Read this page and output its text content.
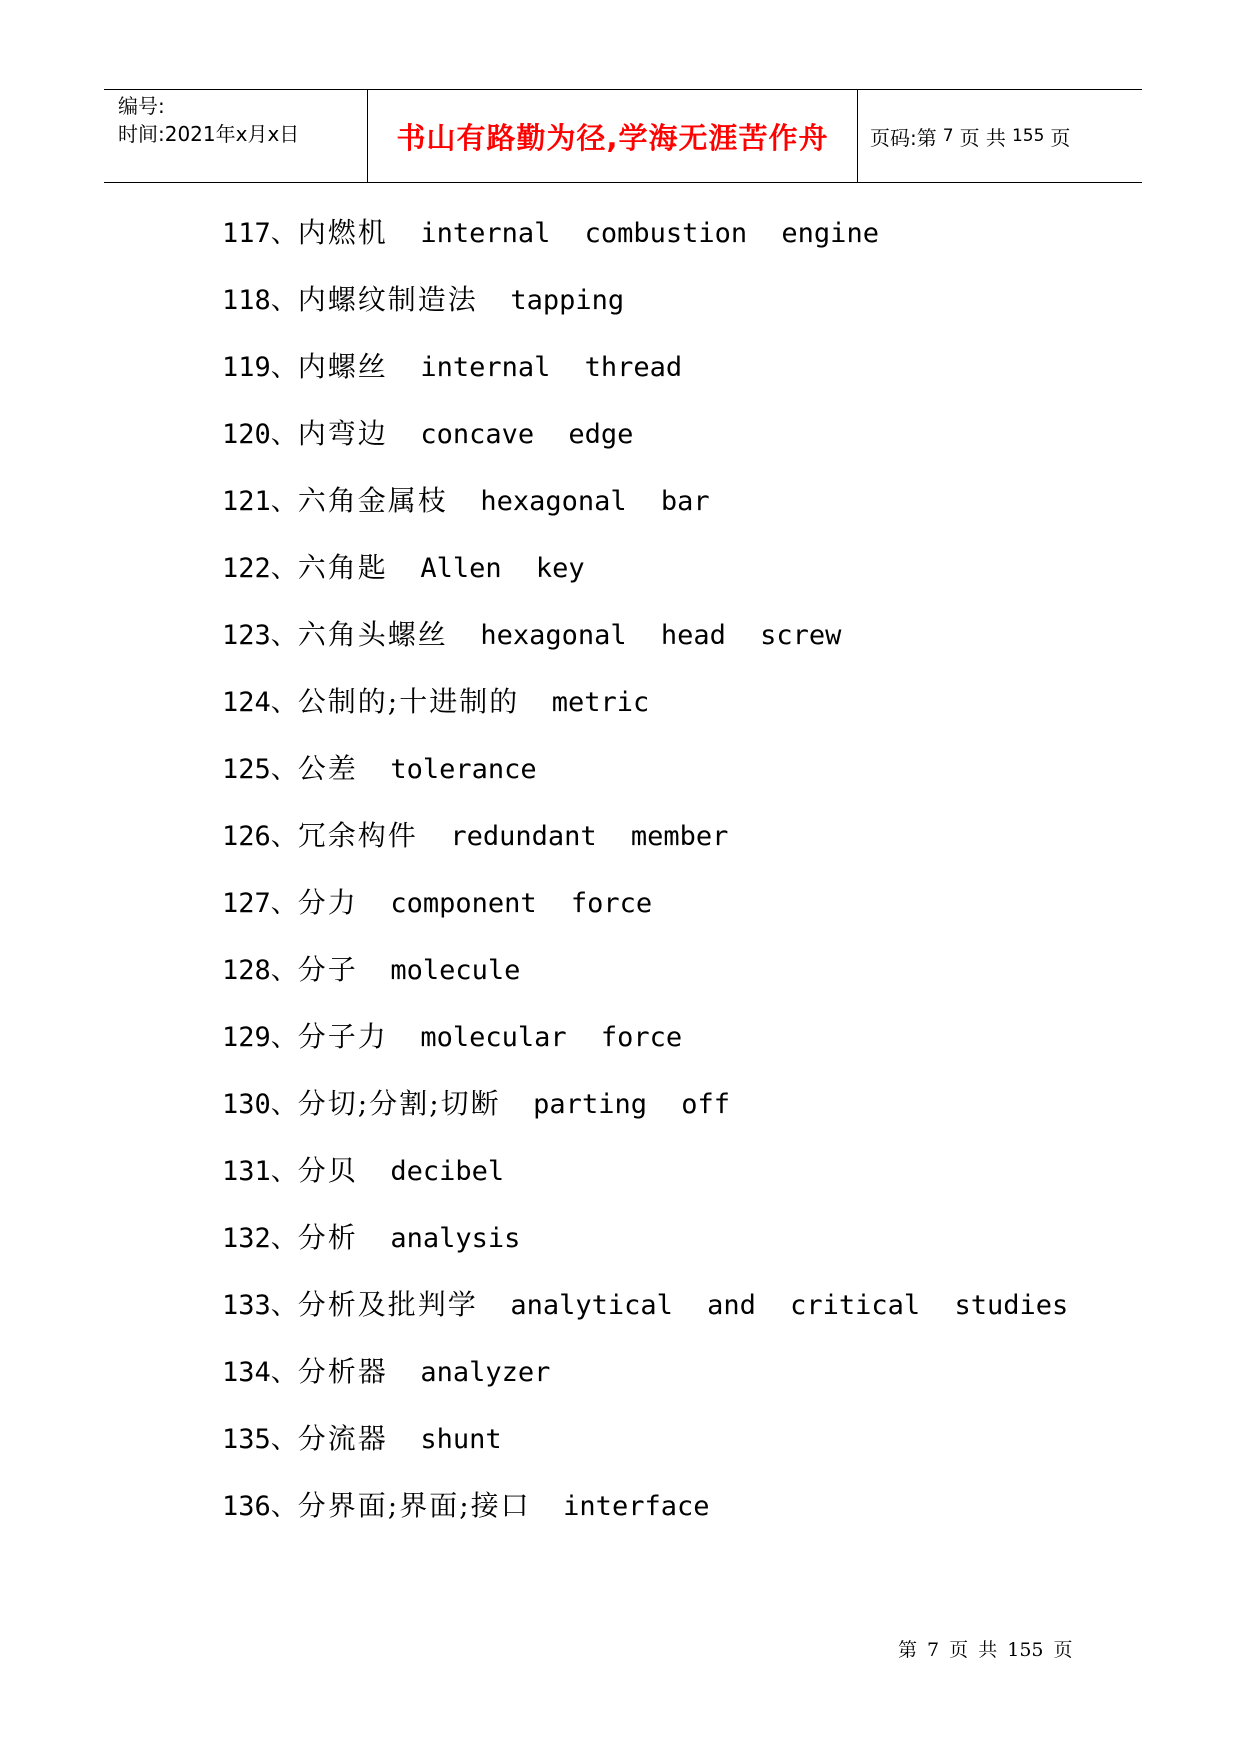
编号:
时间:2021年x月x日	书山有路勤为径,学海无涯苦作舟	页码:第 7 页 共 155 页
117、内燃机 internal combustion engine
118、内螺纹制造法 tapping
119、内螺丝 internal thread
120、内弯边 concave edge
121、六角金属枝 hexagonal bar
122、六角匙 Allen key
123、六角头螺丝 hexagonal head screw
124、公制的;十进制的 metric
125、公差 tolerance
126、冗余构件 redundant member
127、分力 component force
128、分子 molecule
129、分子力 molecular force
130、分切;分割;切断 parting off
131、分贝 decibel
132、分析 analysis
133、分析及批判学 analytical and critical studies
134、分析器 analyzer
135、分流器 shunt
136、分界面;界面;接口 interface
第 7 页 共 155 页
